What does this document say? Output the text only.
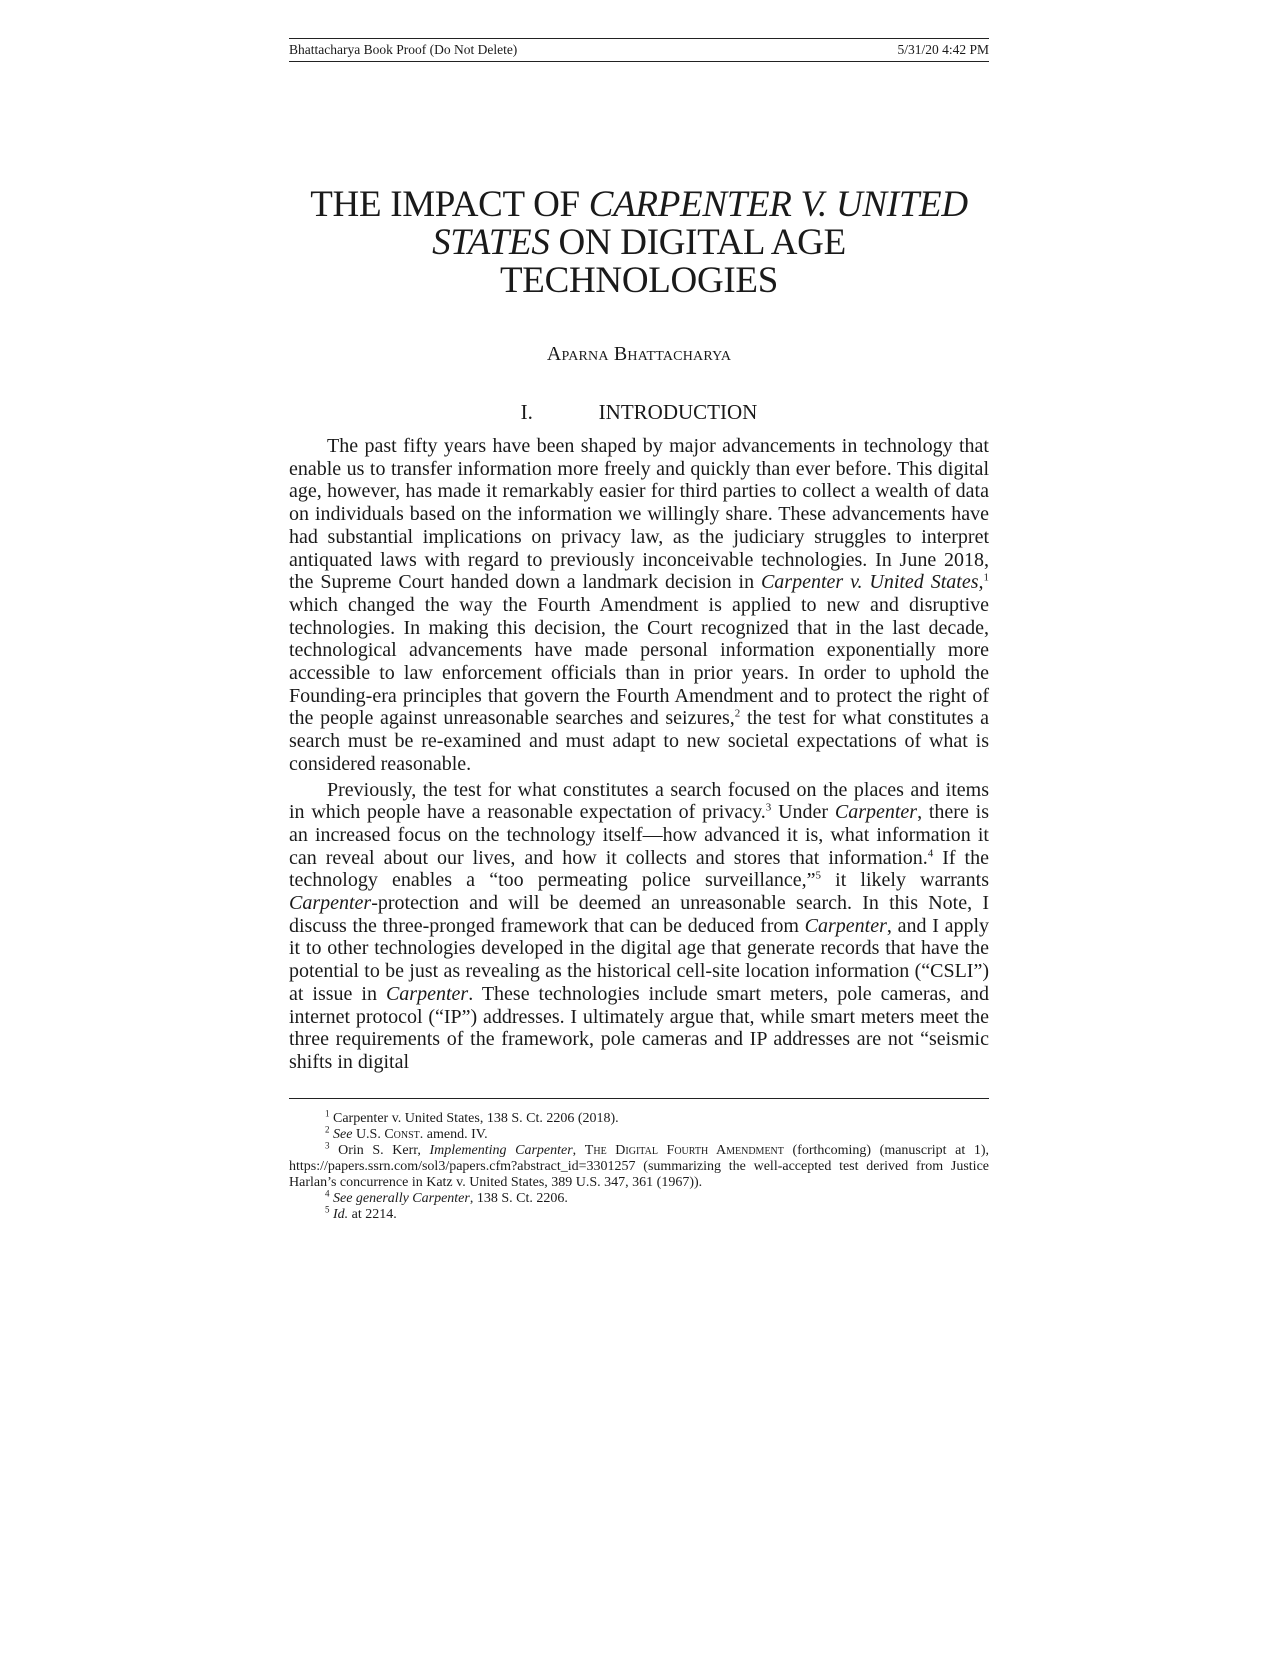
Bhattacharya Book Proof (Do Not Delete)	5/31/20 4:42 PM
THE IMPACT OF CARPENTER V. UNITED STATES ON DIGITAL AGE TECHNOLOGIES
Aparna Bhattacharya
I.	INTRODUCTION

The past fifty years have been shaped by major advancements in technology that enable us to transfer information more freely and quickly than ever before. This digital age, however, has made it remarkably easier for third parties to collect a wealth of data on individuals based on the information we willingly share. These advancements have had substantial implications on privacy law, as the judiciary struggles to interpret antiquated laws with regard to previously inconceivable technologies. In June 2018, the Supreme Court handed down a landmark decision in Carpenter v. United States,$^1$ which changed the way the Fourth Amendment is applied to new and disruptive technologies. In making this decision, the Court recognized that in the last decade, technological advancements have made personal information exponentially more accessible to law enforcement officials than in prior years. In order to uphold the Founding-era principles that govern the Fourth Amendment and to protect the right of the people against unreasonable searches and seizures,$^2$ the test for what constitutes a search must be re-examined and must adapt to new societal expectations of what is considered reasonable.

Previously, the test for what constitutes a search focused on the places and items in which people have a reasonable expectation of privacy.$^3$ Under Carpenter, there is an increased focus on the technology itself—how advanced it is, what information it can reveal about our lives, and how it collects and stores that information.$^4$ If the technology enables a “too permeating police surveillance,”$^5$ it likely warrants Carpenter-protection and will be deemed an unreasonable search. In this Note, I discuss the three-pronged framework that can be deduced from Carpenter, and I apply it to other technologies developed in the digital age that generate records that have the potential to be just as revealing as the historical cell-site location information (“CSLI”) at issue in Carpenter. These technologies include smart meters, pole cameras, and internet protocol (“IP”) addresses. I ultimately argue that, while smart meters meet the three requirements of the framework, pole cameras and IP addresses are not “seismic shifts in digital

$^1$ Carpenter v. United States, 138 S. Ct. 2206 (2018).

$^2$ See U.S. Const. amend. IV.

$^3$ Orin S. Kerr, Implementing Carpenter, The Digital Fourth Amendment (forthcoming) (manuscript at 1), https://papers.ssrn.com/sol3/papers.cfm?abstract_id=3301257 (summarizing the well-accepted test derived from Justice Harlan’s concurrence in Katz v. United States, 389 U.S. 347, 361 (1967)).

$^4$ See generally Carpenter, 138 S. Ct. 2206.

$^5$ Id. at 2214.
